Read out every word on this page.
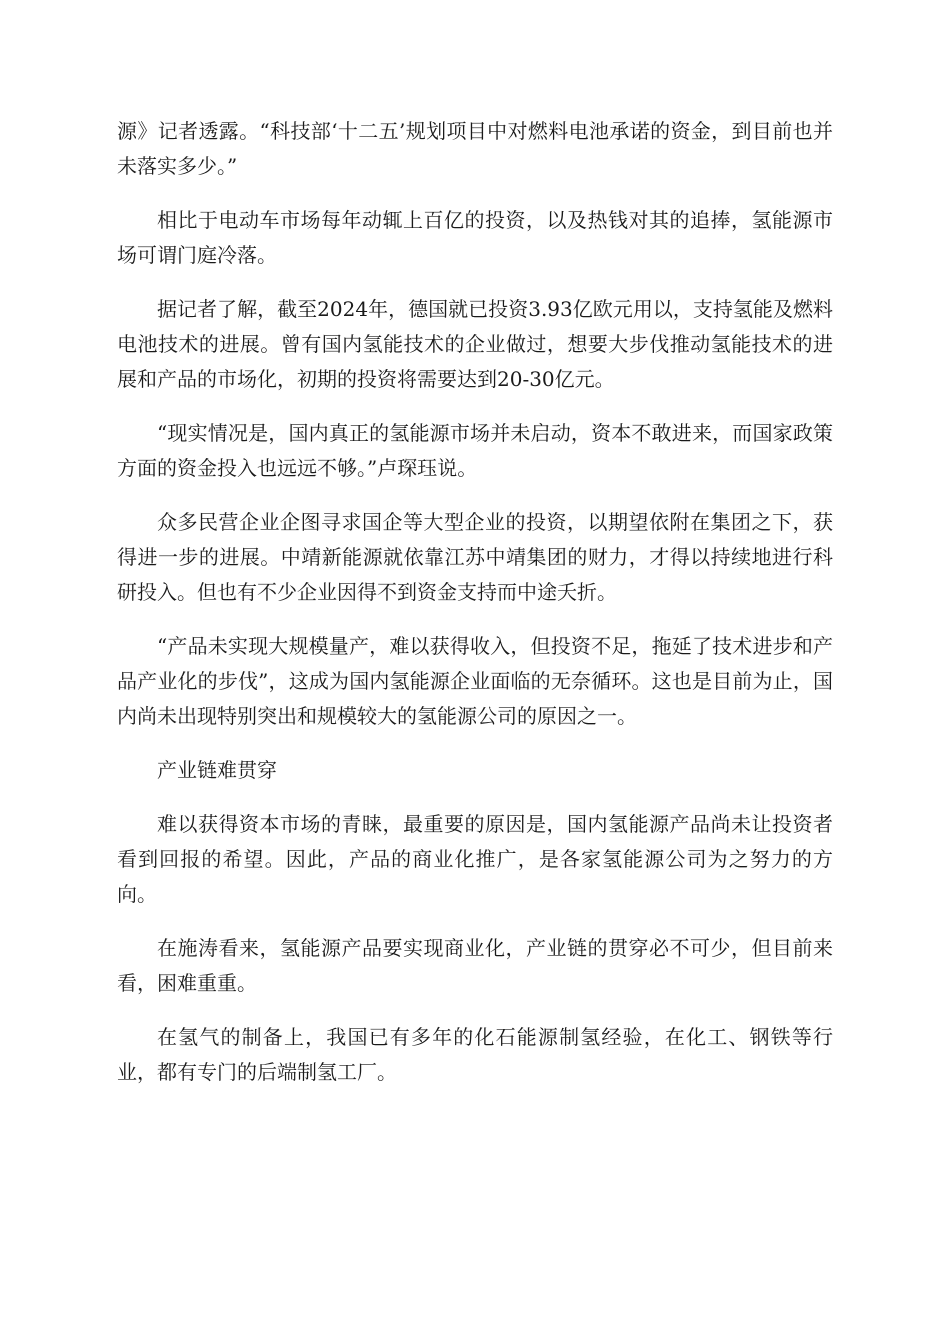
源》记者透露。“科技部‘十二五’规划项目中对燃料电池承诺的资金，到目前也并未落实多少。”

相比于电动车市场每年动辄上百亿的投资，以及热钱对其的追捧，氢能源市场可谓门庭冷落。

据记者了解，截至2024年，德国就已投资3.93亿欧元用以，支持氢能及燃料电池技术的进展。曾有国内氢能技术的企业做过，想要大步伐推动氢能技术的进展和产品的市场化，初期的投资将需要达到20-30亿元。

“现实情况是，国内真正的氢能源市场并未启动，资本不敢进来，而国家政策方面的资金投入也远远不够。”卢琛珏说。

众多民营企业企图寻求国企等大型企业的投资，以期望依附在集团之下，获得进一步的进展。中靖新能源就依靠江苏中靖集团的财力，才得以持续地进行科研投入。但也有不少企业因得不到资金支持而中途夭折。

“产品未实现大规模量产，难以获得收入，但投资不足，拖延了技术进步和产品产业化的步伐”，这成为国内氢能源企业面临的无奈循环。这也是目前为止，国内尚未出现特别突出和规模较大的氢能源公司的原因之一。

产业链难贯穿

难以获得资本市场的青睐，最重要的原因是，国内氢能源产品尚未让投资者看到回报的希望。因此，产品的商业化推广，是各家氢能源公司为之努力的方向。

在施涛看来，氢能源产品要实现商业化，产业链的贯穿必不可少，但目前来看，困难重重。

在氢气的制备上，我国已有多年的化石能源制氢经验，在化工、钢铁等行业，都有专门的后端制氢工厂。
